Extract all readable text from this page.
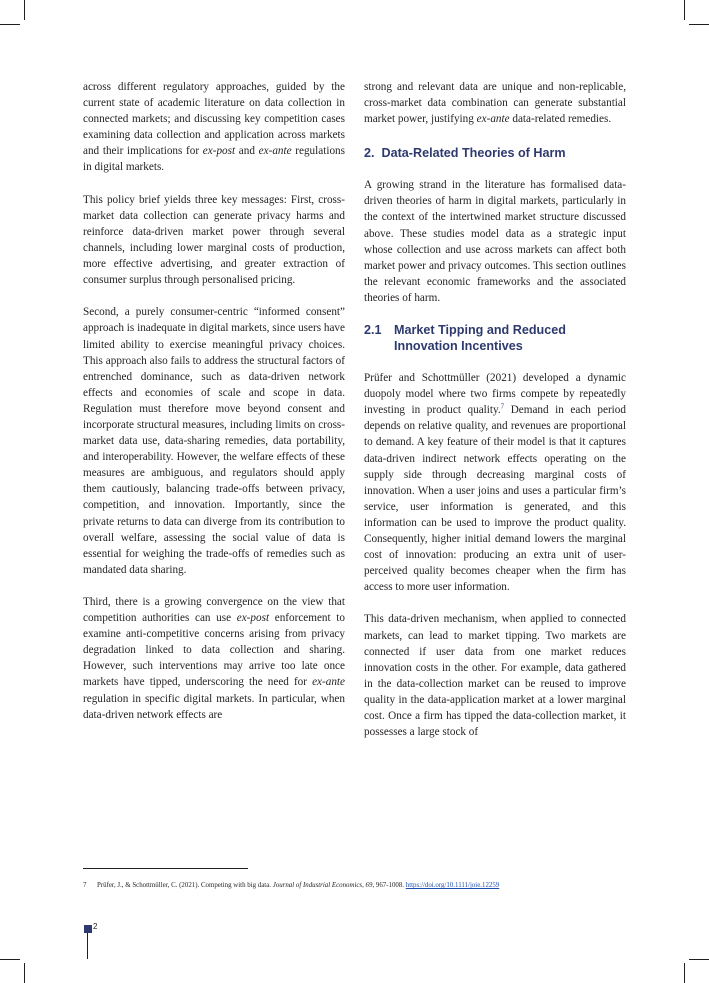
across different regulatory approaches, guided by the current state of academic literature on data collection in connected markets; and discussing key competition cases examining data collection and application across markets and their implications for ex-post and ex-ante regulations in digital markets.

This policy brief yields three key messages: First, cross-market data collection can generate privacy harms and reinforce data-driven market power through several channels, including lower marginal costs of production, more effective advertising, and greater extraction of consumer surplus through personalised pricing.

Second, a purely consumer-centric “informed consent” approach is inadequate in digital markets, since users have limited ability to exercise meaningful privacy choices. This approach also fails to address the structural factors of entrenched dominance, such as data-driven network effects and economies of scale and scope in data. Regulation must therefore move beyond consent and incorporate structural measures, including limits on cross-market data use, data-sharing remedies, data portability, and interoperability. However, the welfare effects of these measures are ambiguous, and regulators should apply them cautiously, balancing trade-offs between privacy, competition, and innovation. Importantly, since the private returns to data can diverge from its contribution to overall welfare, assessing the social value of data is essential for weighing the trade-offs of remedies such as mandated data sharing.

Third, there is a growing convergence on the view that competition authorities can use ex-post enforcement to examine anti-competitive concerns arising from privacy degradation linked to data collection and sharing. However, such interventions may arrive too late once markets have tipped, underscoring the need for ex-ante regulation in specific digital markets. In particular, when data-driven network effects are

strong and relevant data are unique and non-replicable, cross-market data combination can generate substantial market power, justifying ex-ante data-related remedies.

2.  Data-Related Theories of Harm

A growing strand in the literature has formalised data-driven theories of harm in digital markets, particularly in the context of the intertwined market structure discussed above. These studies model data as a strategic input whose collection and use across markets can affect both market power and privacy outcomes. This section outlines the relevant economic frameworks and the associated theories of harm.

2.1 Market Tipping and Reduced Innovation Incentives

Prüfer and Schottmüller (2021) developed a dynamic duopoly model where two firms compete by repeatedly investing in product quality.$^7$ Demand in each period depends on relative quality, and revenues are proportional to demand. A key feature of their model is that it captures data-driven indirect network effects operating on the supply side through decreasing marginal costs of innovation. When a user joins and uses a particular firm’s service, user information is generated, and this information can be used to improve the product quality. Consequently, higher initial demand lowers the marginal cost of innovation: producing an extra unit of user-perceived quality becomes cheaper when the firm has access to more user information.

This data-driven mechanism, when applied to connected markets, can lead to market tipping. Two markets are connected if user data from one market reduces innovation costs in the other. For example, data gathered in the data-collection market can be reused to improve quality in the data-application market at a lower marginal cost. Once a firm has tipped the data-collection market, it possesses a large stock of

7 Prüfer, J., & Schottmüller, C. (2021). Competing with big data. Journal of Industrial Economics, 69, 967-1008. https://doi.org/10.1111/joie.12259
2
